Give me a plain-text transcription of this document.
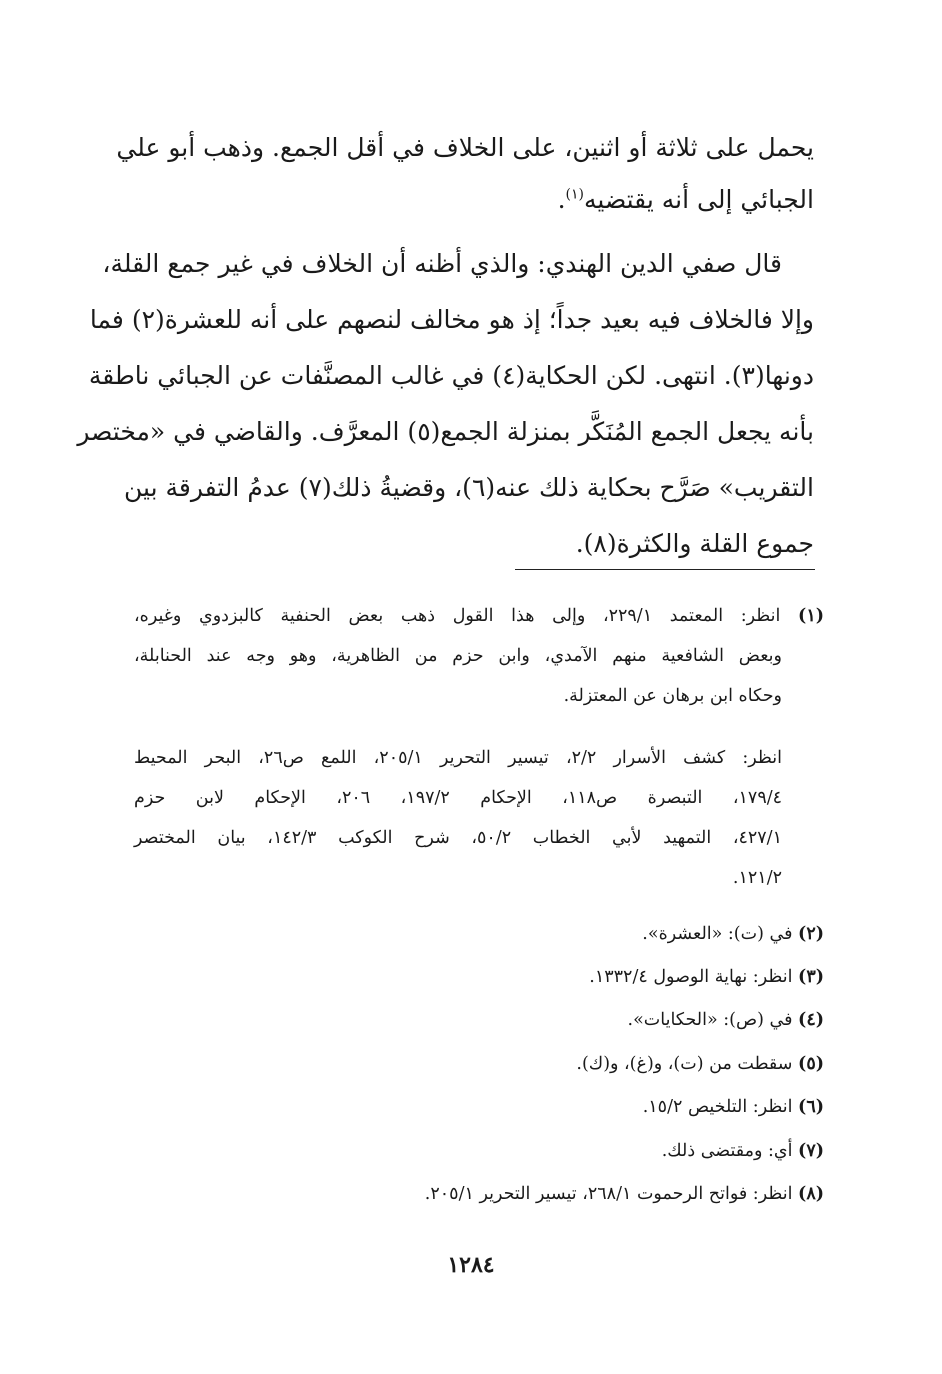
يحمل على ثلاثة أو اثنين، على الخلاف في أقل الجمع. وذهب أبو علي
الجبائي إلى أنه يقتضيه$^{(١)}$.
قال صفي الدين الهندي: والذي أظنه أن الخلاف في غير جمع القلة،
وإلا فالخلاف فيه بعيد جداً؛ إذ هو مخالف لنصهم على أنه للعشرة(٢) فما
دونها(٣). انتهى. لكن الحكاية(٤) في غالب المصنَّفات عن الجبائي ناطقة
بأنه يجعل الجمع المُنَكَّر بمنزلة الجمع(٥) المعرَّف. والقاضي في «مختصر
التقريب» صَرَّح بحكاية ذلك عنه(٦)، وقضيةُ ذلك(٧) عدمُ التفرقة بين
جموع القلة والكثرة(٨).
(١) انظر: المعتمد ٢٢٩/١، وإلى هذا القول ذهب بعض الحنفية كالبزدوي وغيره،
وبعض الشافعية منهم الآمدي، وابن حزم من الظاهرية، وهو وجه عند الحنابلة،
وحكاه ابن برهان عن المعتزلة.
انظر: كشف الأسرار ٢/٢، تيسير التحرير ٢٠٥/١، اللمع ص٢٦، البحر المحيط
١٧٩/٤، التبصرة ص١١٨، الإحكام ١٩٧/٢، ٢٠٦، الإحكام لابن حزم
٤٢٧/١، التمهيد لأبي الخطاب ٥٠/٢، شرح الكوكب ١٤٢/٣، بيان المختصر
١٢١/٢.
(٢) في (ت): «العشرة».
(٣) انظر: نهاية الوصول ١٣٣٢/٤.
(٤) في (ص): «الحكايات».
(٥) سقطت من (ت)، و(غ)، و(ك).
(٦) انظر: التلخيص ١٥/٢.
(٧) أي: ومقتضى ذلك.
(٨) انظر: فواتح الرحموت ٢٦٨/١، تيسير التحرير ٢٠٥/١.
١٢٨٤
